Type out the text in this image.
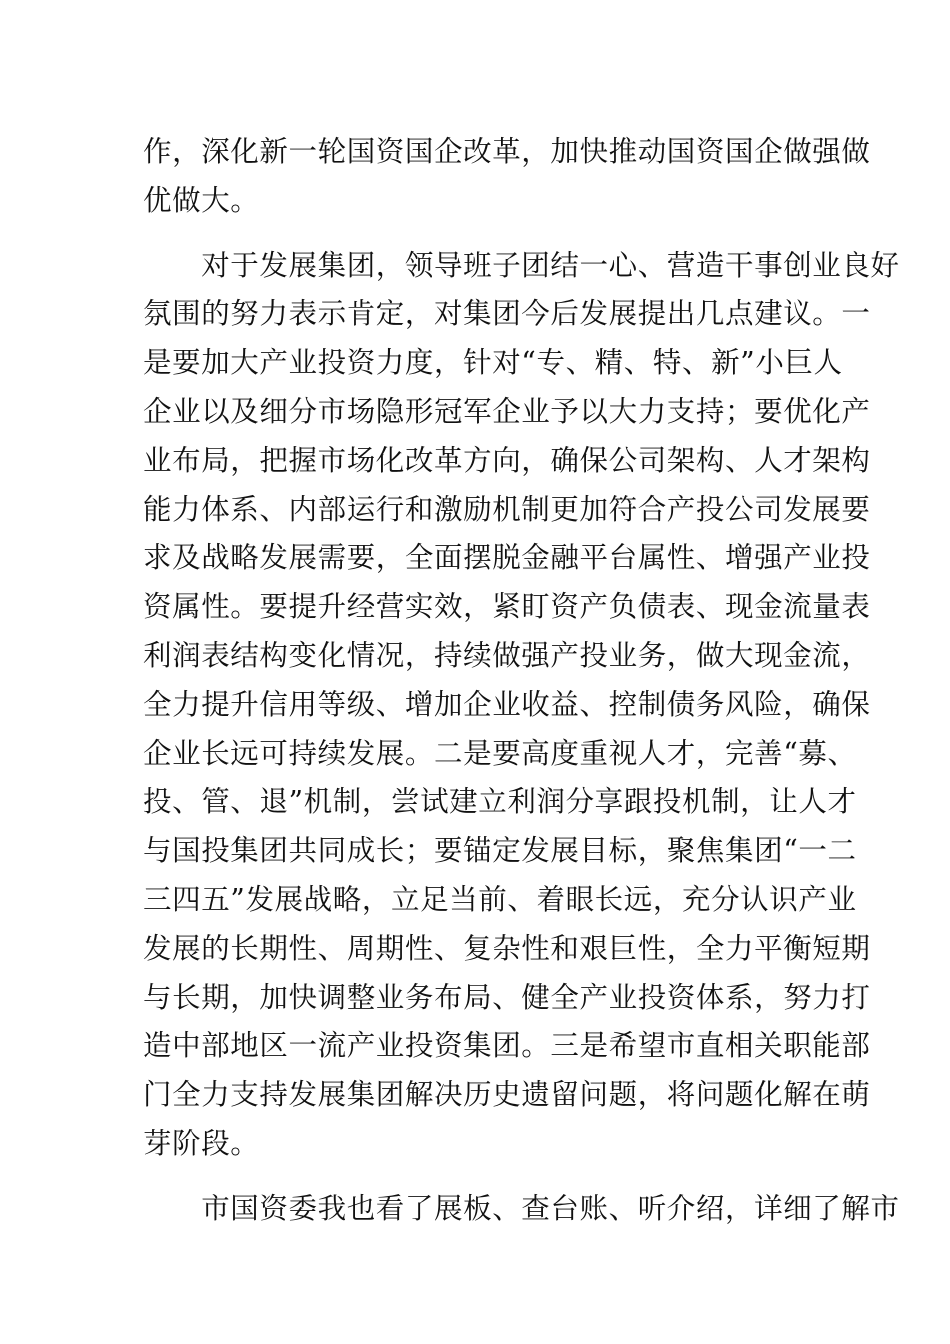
作，深化新一轮国资国企改革，加快推动国资国企做强做
优做大。
　　对于发展集团，领导班子团结一心、营造干事创业良好
氛围的努力表示肯定，对集团今后发展提出几点建议。一
是要加大产业投资力度，针对“专、精、特、新”小巨人
企业以及细分市场隐形冠军企业予以大力支持；要优化产
业布局，把握市场化改革方向，确保公司架构、人才架构
能力体系、内部运行和激励机制更加符合产投公司发展要
求及战略发展需要，全面摆脱金融平台属性、增强产业投
资属性。要提升经营实效，紧盯资产负债表、现金流量表
利润表结构变化情况，持续做强产投业务，做大现金流，
全力提升信用等级、增加企业收益、控制债务风险，确保
企业长远可持续发展。二是要高度重视人才，完善“募、
投、管、退”机制，尝试建立利润分享跟投机制，让人才
与国投集团共同成长；要锚定发展目标，聚焦集团“一二
三四五”发展战略，立足当前、着眼长远，充分认识产业
发展的长期性、周期性、复杂性和艰巨性，全力平衡短期
与长期，加快调整业务布局、健全产业投资体系，努力打
造中部地区一流产业投资集团。三是希望市直相关职能部
门全力支持发展集团解决历史遗留问题，将问题化解在萌
芽阶段。
　　市国资委我也看了展板、查台账、听介绍，详细了解市
